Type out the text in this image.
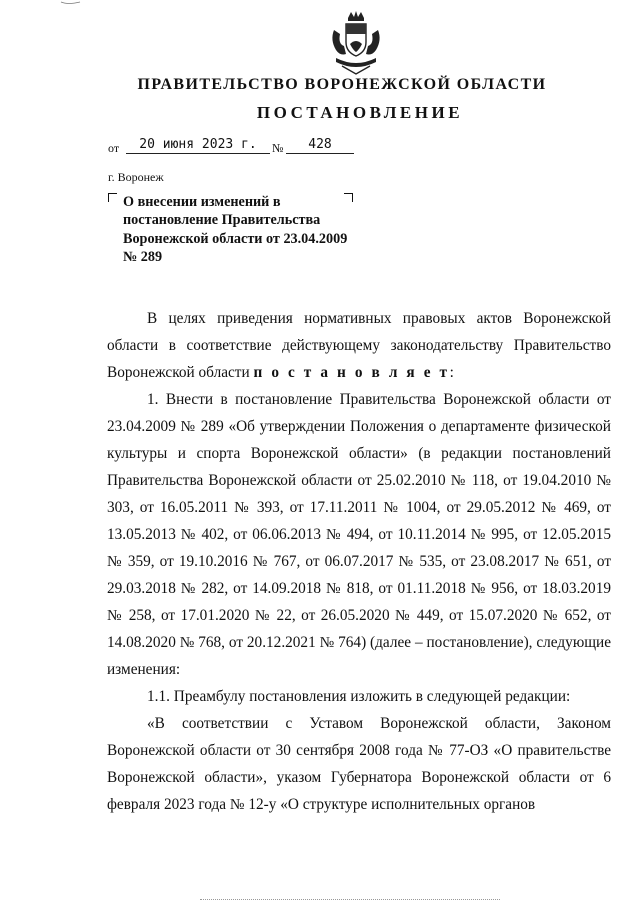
ПРАВИТЕЛЬСТВО ВОРОНЕЖСКОЙ ОБЛАСТИ
ПОСТАНОВЛЕНИЕ
от	20 июня 2023 г.	№	428
г. Воронеж
О внесении изменений в постановление Правительства Воронежской области от 23.04.2009 № 289

В целях приведения нормативных правовых актов Воронежской области в соответствие действующему законодательству Правительство Воронежской области п о с т а н о в л я е т:

1. Внести в постановление Правительства Воронежской области от 23.04.2009 № 289 «Об утверждении Положения о департаменте физической культуры и спорта Воронежской области» (в редакции постановлений Правительства Воронежской области от 25.02.2010 № 118, от 19.04.2010 № 303, от 16.05.2011 № 393, от 17.11.2011 № 1004, от 29.05.2012 № 469, от 13.05.2013 № 402, от 06.06.2013 № 494, от 10.11.2014 № 995, от 12.05.2015 № 359, от 19.10.2016 № 767, от 06.07.2017 № 535, от 23.08.2017 № 651, от 29.03.2018 № 282, от 14.09.2018 № 818, от 01.11.2018 № 956, от 18.03.2019 № 258, от 17.01.2020 № 22, от 26.05.2020 № 449, от 15.07.2020 № 652, от 14.08.2020 № 768, от 20.12.2021 № 764) (далее – постановление), следующие изменения:

1.1. Преамбулу постановления изложить в следующей редакции:

«В соответствии с Уставом Воронежской области, Законом Воронежской области от 30 сентября 2008 года № 77-ОЗ «О правительстве Воронежской области», указом Губернатора Воронежской области от 6 февраля 2023 года № 12-у «О структуре исполнительных органов
